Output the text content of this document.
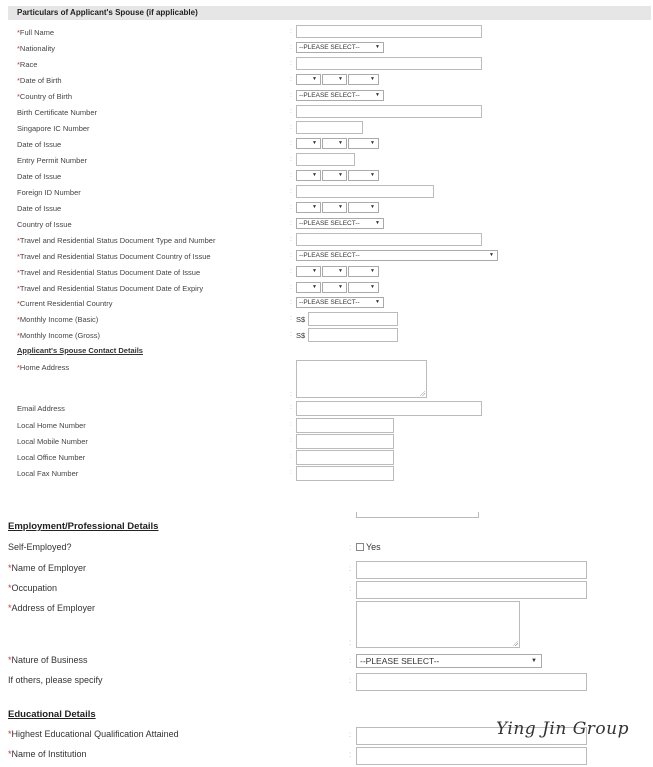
Particulars of Applicant's Spouse (if applicable)
*Full Name	:
*Nationality	:	--PLEASE SELECT--	▼
*Race	:
*Date of Birth	:	▼	▼	▼
*Country of Birth	:	--PLEASE SELECT--	▼
Birth Certificate Number	:
Singapore IC Number	:
Date of Issue	:	▼	▼	▼
Entry Permit Number	:
Date of Issue	:	▼	▼	▼
Foreign ID Number	:
Date of Issue	:	▼	▼	▼
Country of Issue	:	--PLEASE SELECT--	▼
*Travel and Residential Status Document Type and Number	:
*Travel and Residential Status Document Country of Issue	:	--PLEASE SELECT--	▼
*Travel and Residential Status Document Date of Issue	:	▼	▼	▼
*Travel and Residential Status Document Date of Expiry	:	▼	▼	▼
*Current Residential Country	:	--PLEASE SELECT--	▼
*Monthly Income (Basic)	: S$
*Monthly Income (Gross)	: S$
Applicant's Spouse Contact Details
*Home Address
:
Email Address	:
Local Home Number	:
Local Mobile Number	:
Local Office Number	:
Local Fax Number	:
Employment/Professional Details
Self-Employed?	: Yes
*Name of Employer	:
*Occupation	:
*Address of Employer
:
*Nature of Business	:	--PLEASE SELECT--	▼
If others, please specify	:
Educational Details
*Highest Educational Qualification Attained	:
*Name of Institution	:
Ying Jin Group
